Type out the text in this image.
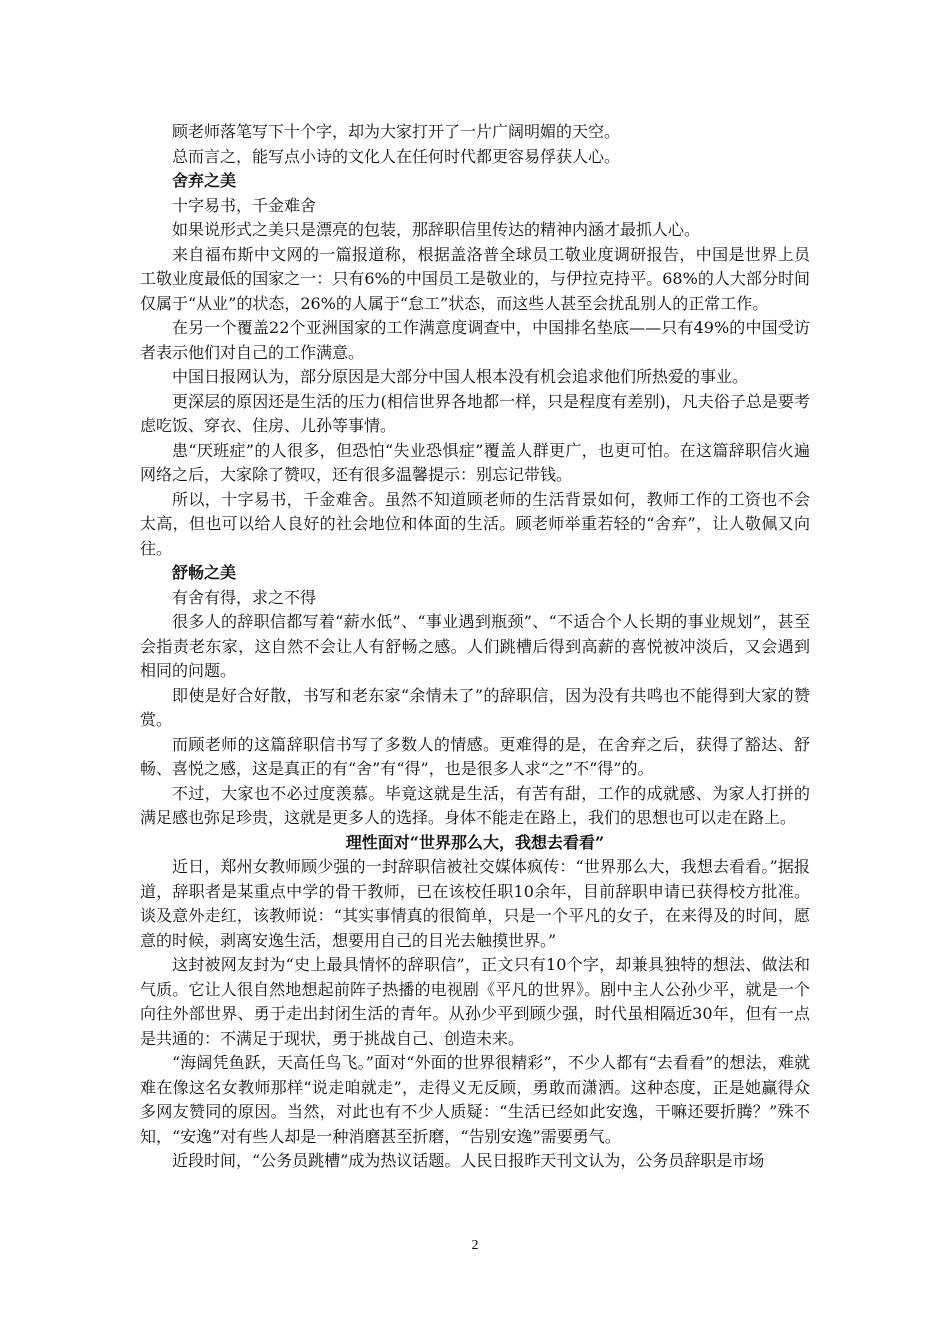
顾老师落笔写下十个字，却为大家打开了一片广阔明媚的天空。

总而言之，能写点小诗的文化人在任何时代都更容易俘获人心。

舍弃之美

十字易书，千金难舍

如果说形式之美只是漂亮的包装，那辞职信里传达的精神内涵才最抓人心。

来自福布斯中文网的一篇报道称，根据盖洛普全球员工敬业度调研报告，中国是世界上员工敬业度最低的国家之一：只有6%的中国员工是敬业的，与伊拉克持平。68%的人大部分时间仅属于“从业”的状态，26%的人属于“怠工”状态，而这些人甚至会扰乱别人的正常工作。

在另一个覆盖22个亚洲国家的工作满意度调查中，中国排名垫底——只有49%的中国受访者表示他们对自己的工作满意。

中国日报网认为，部分原因是大部分中国人根本没有机会追求他们所热爱的事业。

更深层的原因还是生活的压力(相信世界各地都一样，只是程度有差别)，凡夫俗子总是要考虑吃饭、穿衣、住房、儿孙等事情。

患“厌班症”的人很多，但恐怕“失业恐惧症”覆盖人群更广，也更可怕。在这篇辞职信火遍网络之后，大家除了赞叹，还有很多温馨提示：别忘记带钱。

所以，十字易书，千金难舍。虽然不知道顾老师的生活背景如何，教师工作的工资也不会太高，但也可以给人良好的社会地位和体面的生活。顾老师举重若轻的“舍弃”，让人敬佩又向往。

舒畅之美

有舍有得，求之不得

很多人的辞职信都写着“薪水低”、“事业遇到瓶颈”、“不适合个人长期的事业规划”，甚至会指责老东家，这自然不会让人有舒畅之感。人们跳槽后得到高薪的喜悦被冲淡后，又会遇到相同的问题。

即使是好合好散，书写和老东家“余情未了”的辞职信，因为没有共鸣也不能得到大家的赞赏。

而顾老师的这篇辞职信书写了多数人的情感。更难得的是，在舍弃之后，获得了豁达、舒畅、喜悦之感，这是真正的有“舍”有“得”，也是很多人求“之”不“得”的。

不过，大家也不必过度羡慕。毕竟这就是生活，有苦有甜，工作的成就感、为家人打拼的满足感也弥足珍贵，这就是更多人的选择。身体不能走在路上，我们的思想也可以走在路上。

理性面对“世界那么大，我想去看看”

近日，郑州女教师顾少强的一封辞职信被社交媒体疯传：“世界那么大，我想去看看。”据报道，辞职者是某重点中学的骨干教师，已在该校任职10余年，目前辞职申请已获得校方批准。谈及意外走红，该教师说：“其实事情真的很简单，只是一个平凡的女子，在来得及的时间，愿意的时候，剥离安逸生活，想要用自己的目光去触摸世界。”

这封被网友封为“史上最具情怀的辞职信”，正文只有10个字，却兼具独特的想法、做法和气质。它让人很自然地想起前阵子热播的电视剧《平凡的世界》。剧中主人公孙少平，就是一个向往外部世界、勇于走出封闭生活的青年。从孙少平到顾少强，时代虽相隔近30年，但有一点是共通的：不满足于现状，勇于挑战自己、创造未来。

“海阔凭鱼跃，天高任鸟飞。”面对“外面的世界很精彩”，不少人都有“去看看”的想法，难就难在像这名女教师那样“说走咱就走”，走得义无反顾，勇敢而潇洒。这种态度，正是她赢得众多网友赞同的原因。当然，对此也有不少人质疑：“生活已经如此安逸，干嘛还要折腾？”殊不知，“安逸”对有些人却是一种消磨甚至折磨，“告别安逸”需要勇气。

近段时间，“公务员跳槽”成为热议话题。人民日报昨天刊文认为，公务员辞职是市场

2
